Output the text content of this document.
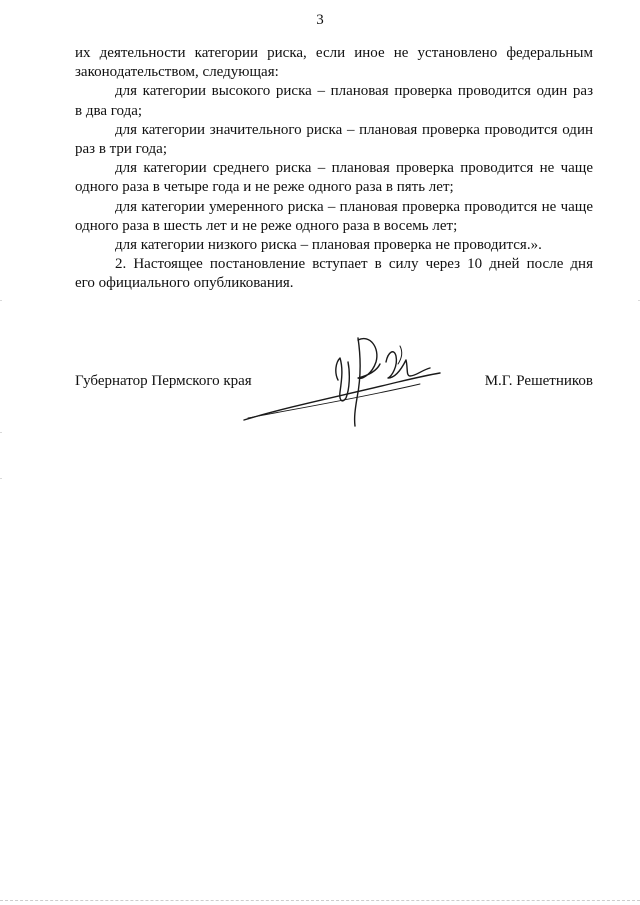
3
их деятельности категории риска, если иное не установлено федеральным
законодательством, следующая:
для категории высокого риска – плановая проверка проводится один раз
в два года;
для категории значительного риска – плановая проверка проводится один
раз в три года;
для категории среднего риска – плановая проверка проводится не чаще
одного раза в четыре года и не реже одного раза в пять лет;
для категории умеренного риска – плановая проверка проводится не чаще
одного раза в шесть лет и не реже одного раза в восемь лет;
для категории низкого риска – плановая проверка не проводится.».
2. Настоящее постановление вступает в силу через 10 дней после дня
его официального опубликования.
Губернатор Пермского края	М.Г. Решетников
